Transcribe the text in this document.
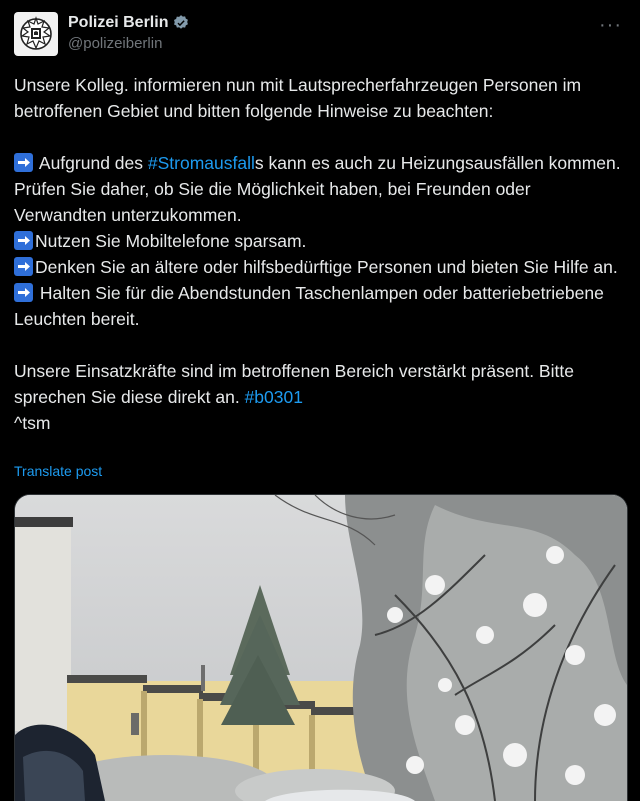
Polizei Berlin
@polizeiberlin
···

Unsere Kolleg. informieren nun mit Lautsprecherfahrzeugen Personen im betroffenen Gebiet und bitten folgende Hinweise zu beachten:

Aufgrund des #Stromausfalls kann es auch zu Heizungsausfällen kommen. Prüfen Sie daher, ob Sie die Möglichkeit haben, bei Freunden oder Verwandten unterzukommen.

Nutzen Sie Mobiltelefone sparsam.

Denken Sie an ältere oder hilfsbedürftige Personen und bieten Sie Hilfe an.

Halten Sie für die Abendstunden Taschenlampen oder batteriebetriebene Leuchten bereit.

Unsere Einsatzkräfte sind im betroffenen Bereich verstärkt präsent. Bitte sprechen Sie diese direkt an. #b0301

^tsm

Translate post
